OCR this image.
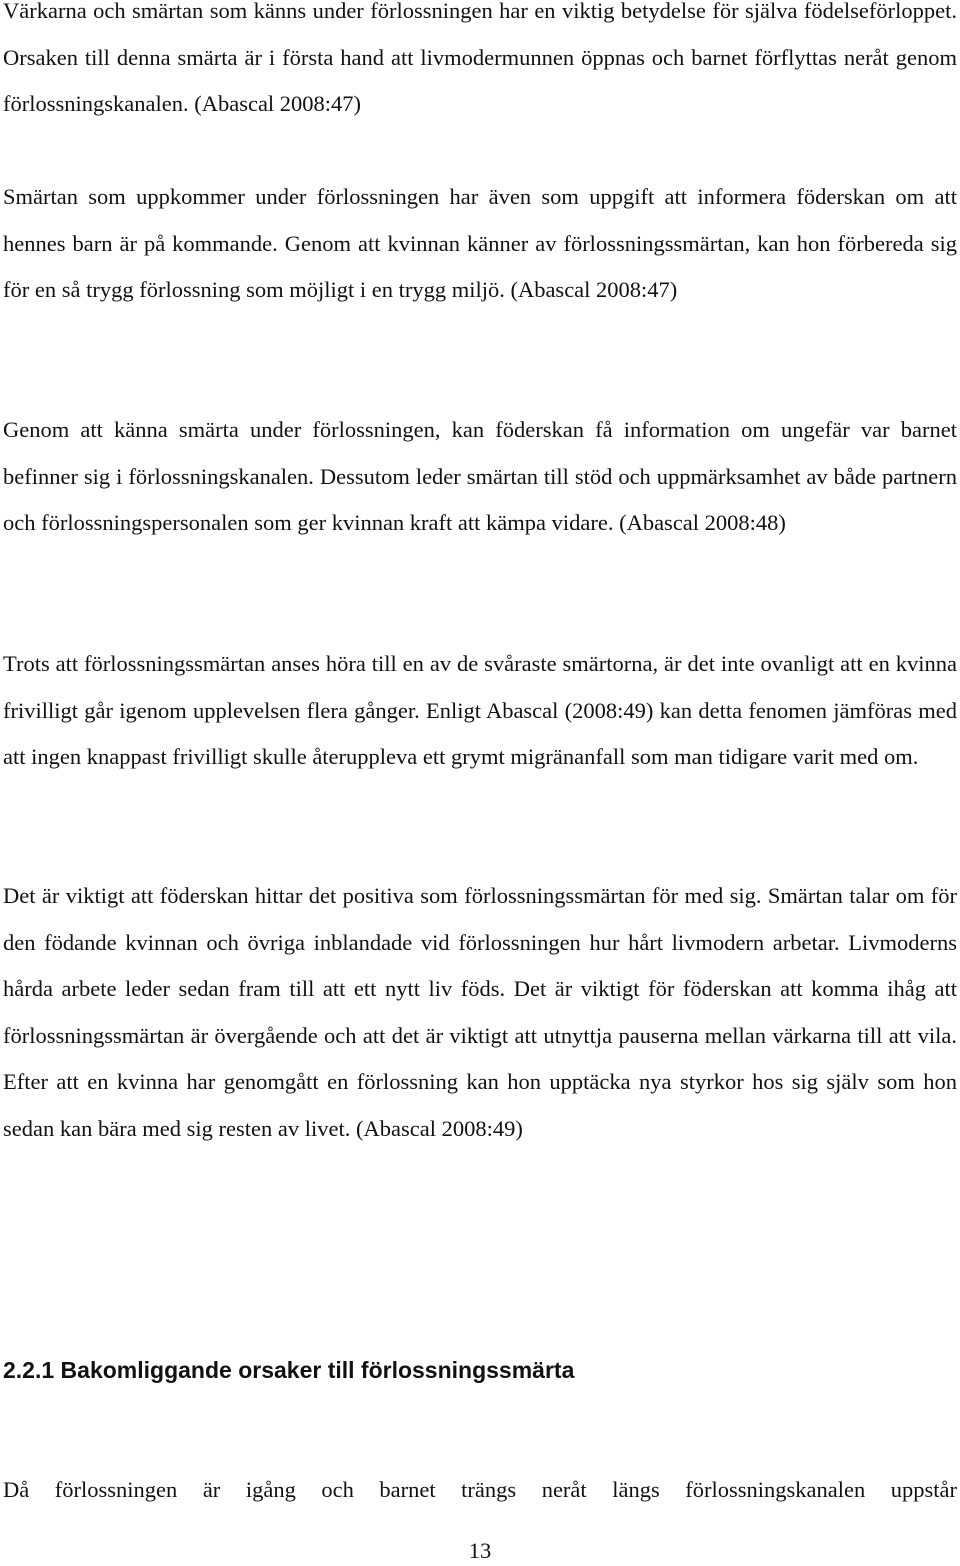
Värkarna och smärtan som känns under förlossningen har en viktig betydelse för själva födelseförloppet. Orsaken till denna smärta är i första hand att livmodermunnen öppnas och barnet förflyttas neråt genom förlossningskanalen. (Abascal 2008:47)

Smärtan som uppkommer under förlossningen har även som uppgift att informera föderskan om att hennes barn är på kommande. Genom att kvinnan känner av förlossningssmärtan, kan hon förbereda sig för en så trygg förlossning som möjligt i en trygg miljö. (Abascal 2008:47)

Genom att känna smärta under förlossningen, kan föderskan få information om ungefär var barnet befinner sig i förlossningskanalen. Dessutom leder smärtan till stöd och uppmärksamhet av både partnern och förlossningspersonalen som ger kvinnan kraft att kämpa vidare. (Abascal 2008:48)

Trots att förlossningssmärtan anses höra till en av de svåraste smärtorna, är det inte ovanligt att en kvinna frivilligt går igenom upplevelsen flera gånger. Enligt Abascal (2008:49) kan detta fenomen jämföras med att ingen knappast frivilligt skulle återuppleva ett grymt migränanfall som man tidigare varit med om.

Det är viktigt att föderskan hittar det positiva som förlossningssmärtan för med sig. Smärtan talar om för den födande kvinnan och övriga inblandade vid förlossningen hur hårt livmodern arbetar. Livmoderns hårda arbete leder sedan fram till att ett nytt liv föds. Det är viktigt för föderskan att komma ihåg att förlossningssmärtan är övergående och att det är viktigt att utnyttja pauserna mellan värkarna till att vila. Efter att en kvinna har genomgått en förlossning kan hon upptäcka nya styrkor hos sig själv som hon sedan kan bära med sig resten av livet. (Abascal 2008:49)

2.2.1 Bakomliggande orsaker till förlossningssmärta

Då förlossningen är igång och barnet trängs neråt längs förlossningskanalen uppstår

13
